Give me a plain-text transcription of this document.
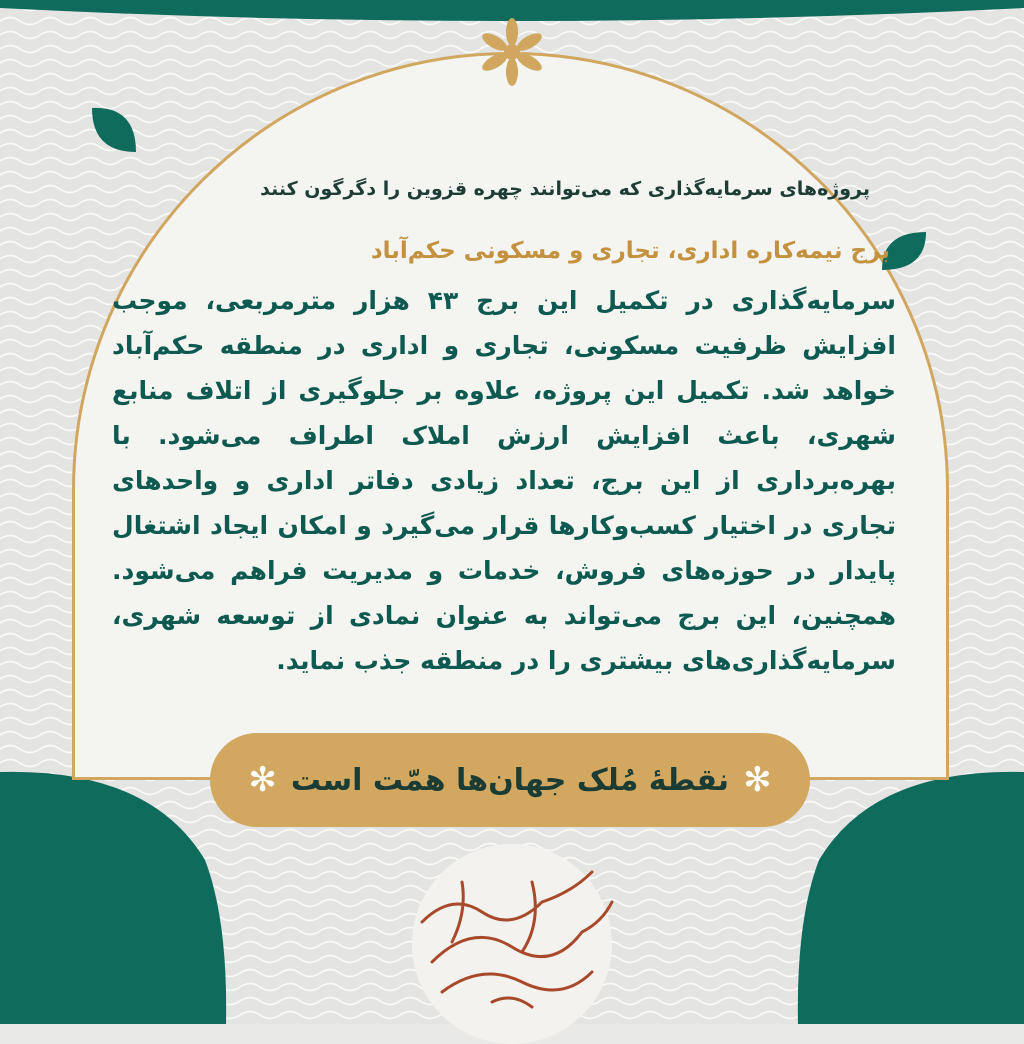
پروژه‌های سرمایه‌گذاری که می‌توانند چهره قزوین را دگرگون کنند
برج نیمه‌کاره اداری، تجاری و مسکونی حکم‌آباد
سرمایه‌گذاری در تکمیل این برج ۴۳ هزار مترمربعی، موجب افزایش ظرفیت مسکونی، تجاری و اداری در منطقه حکم‌آباد خواهد شد. تکمیل این پروژه، علاوه بر جلوگیری از اتلاف منابع شهری، باعث افزایش ارزش املاک اطراف می‌شود. با بهره‌برداری از این برج، تعداد زیادی دفاتر اداری و واحدهای تجاری در اختیار کسب‌وکارها قرار می‌گیرد و امکان ایجاد اشتغال پایدار در حوزه‌های فروش، خدمات و مدیریت فراهم می‌شود. همچنین، این برج می‌تواند به عنوان نمادی از توسعه شهری، سرمایه‌گذاری‌های بیشتری را در منطقه جذب نماید.
✻ نقطهٔ مُلک جهان‌ها همّت است ✻
